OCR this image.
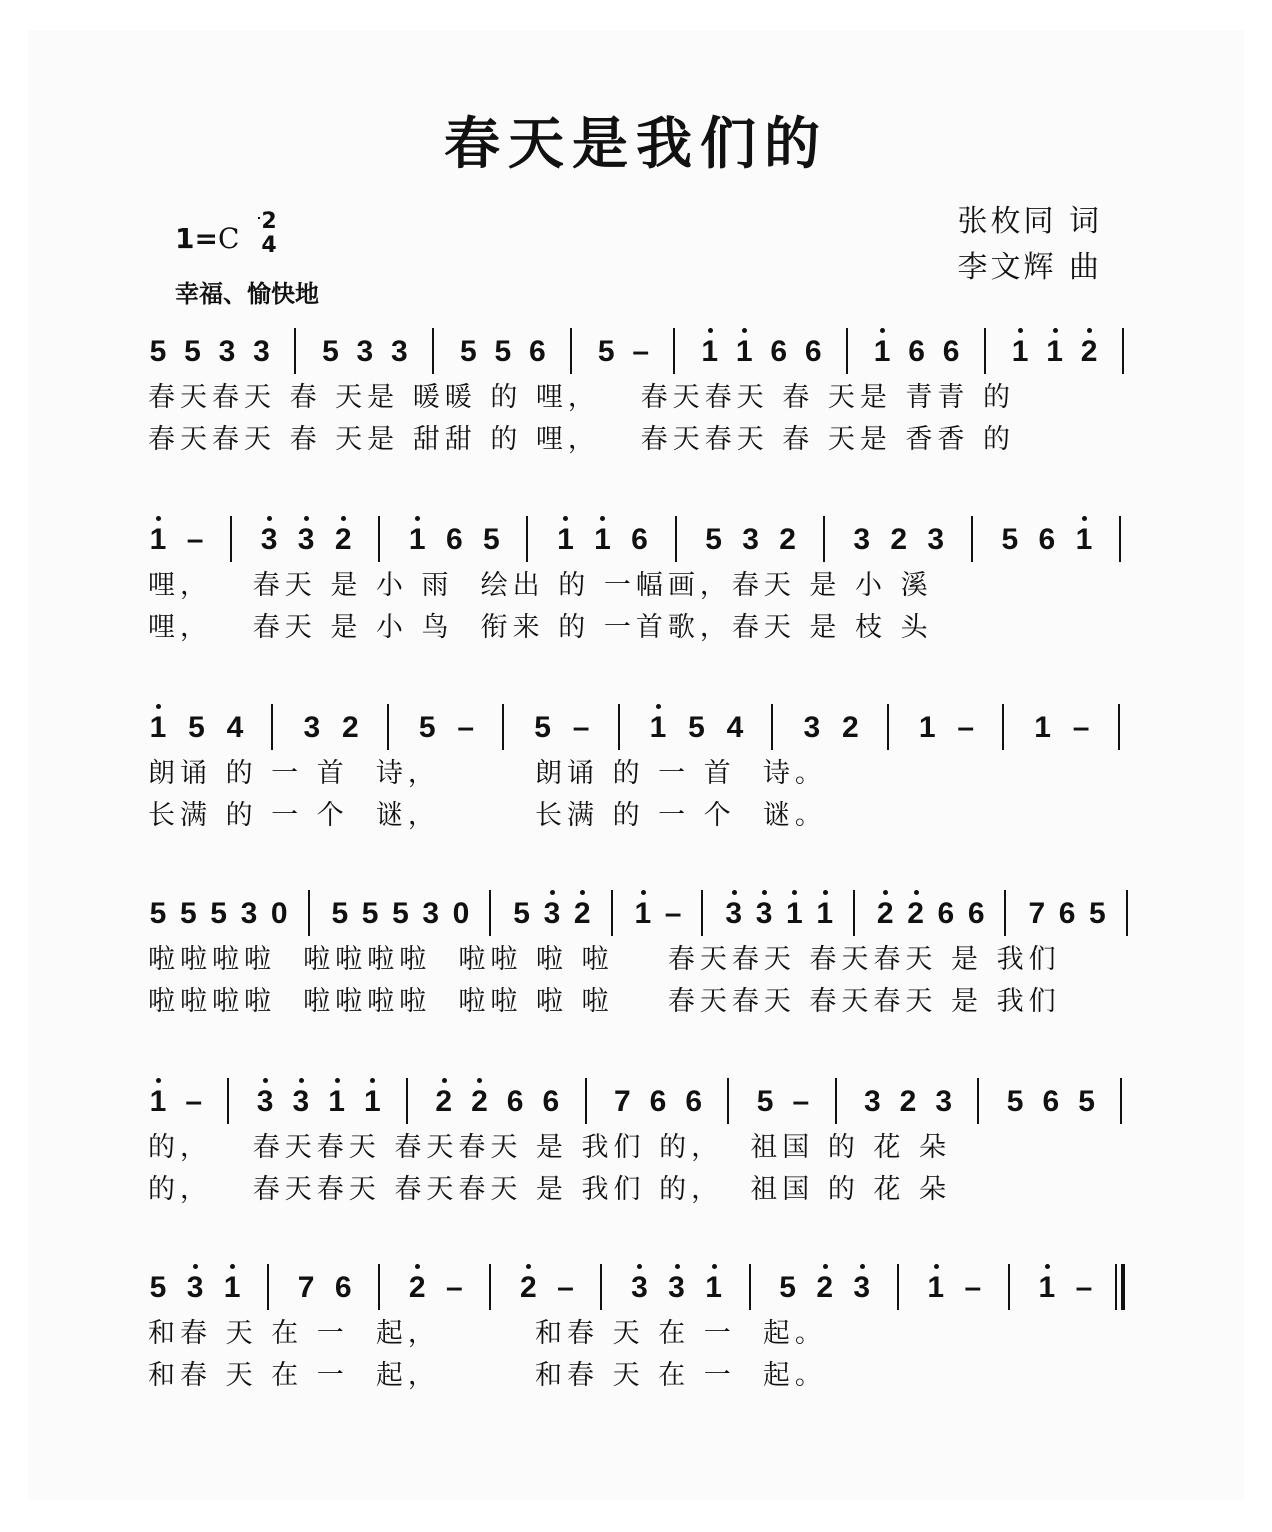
春天是我们的
1=C
2
4
幸福、愉快地
张枚同 词
李文辉 曲
5 5 3 3 5 3 3 5 5 6 5 – 1 1 6 6 1 6 6 1 1 2
春天春天 春 天是 暖暖 的 哩，   春天春天 春 天是 青青 的
春天春天 春 天是 甜甜 的 哩，   春天春天 春 天是 香香 的
1 – 3 3 2 1 6 5 1 1 6 5 3 2 3 2 3 5 6 1
哩，   春天 是 小 雨  绘出 的 一幅画，春天 是 小 溪
哩，   春天 是 小 鸟  衔来 的 一首歌，春天 是 枝 头
1 5 4 3 2 5 – 5 – 1 5 4 3 2 1 – 1 –
朗诵 的 一 首  诗，       朗诵 的 一 首  诗。
长满 的 一 个  谜，       长满 的 一 个  谜。
5 5 5 3 0 5 5 5 3 0 5 3 2 1 – 3 3 1 1 2 2 6 6 7 6 5
啦啦啦啦  啦啦啦啦  啦啦 啦 啦    春天春天 春天春天 是 我们
啦啦啦啦  啦啦啦啦  啦啦 啦 啦    春天春天 春天春天 是 我们
1 – 3 3 1 1 2 2 6 6 7 6 6 5 – 3 2 3 5 6 5
的，   春天春天 春天春天 是 我们 的，  祖国 的 花 朵
的，   春天春天 春天春天 是 我们 的，  祖国 的 花 朵
5 3 1 7 6 2 – 2 – 3 3 1 5 2 3 1 – 1 –
和春 天 在 一  起，       和春 天 在 一  起。
和春 天 在 一  起，       和春 天 在 一  起。
